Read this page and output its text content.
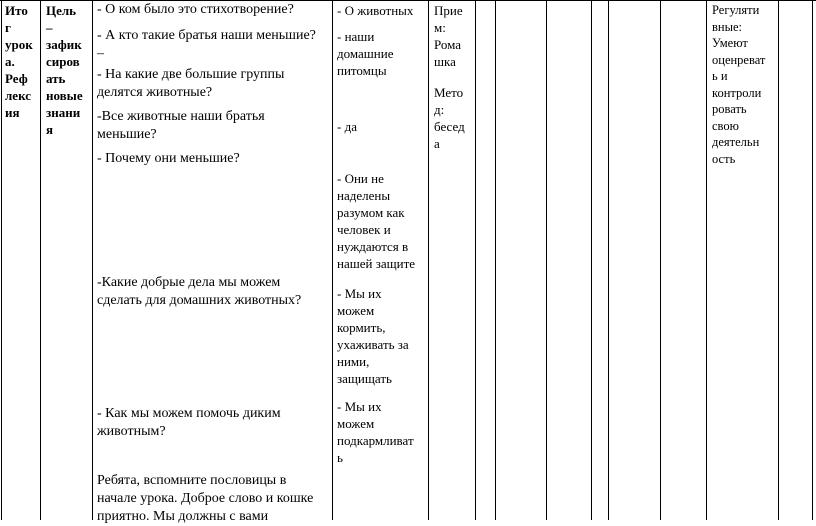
Ито
г
урок
а.
Реф
лекс
ия
Цель
–
зафик
сиров
ать
новые
знани
я
- О ком было это стихотворение?
- А кто такие братья наши меньшие?
–
- На какие две большие группы
делятся животные?
-Все животные наши братья
меньшие?
- Почему они меньшие?
-Какие добрые дела мы можем
сделать для домашних животных?
- Как мы можем помочь диким
животным?
Ребята, вспомните пословицы в
начале урока. Доброе слово и кошке
приятно. Мы должны с вами
- О животных
- наши
домашние
питомцы
- да
- Они не
наделены
разумом как
человек и
нуждаются в
нашей защите
- Мы их
можем
кормить,
ухаживать за
ними,
защищать
- Мы их
можем
подкармливат
ь
Прие
м:
Рома
шка
Мето
д:
бесед
а
Регуляти
вные:
Умеют
оценреват
ь и
контроли
ровать
свою
деятельн
ость
